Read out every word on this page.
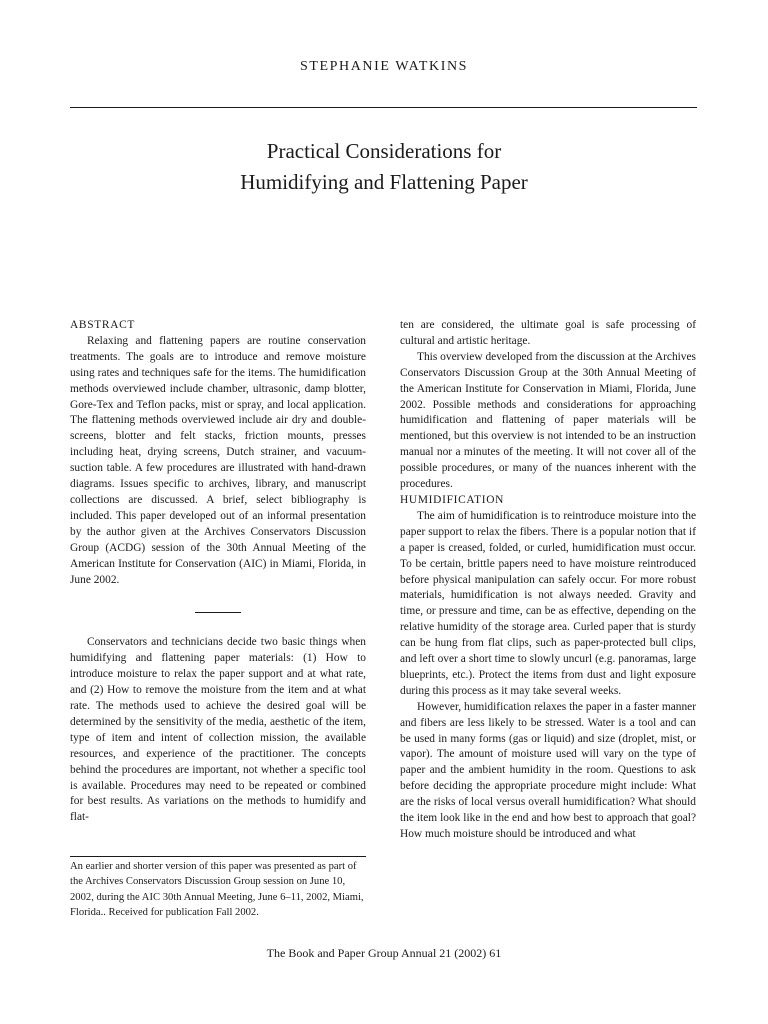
STEPHANIE WATKINS
Practical Considerations for
Humidifying and Flattening Paper

ABSTRACT

Relaxing and flattening papers are routine conservation treatments. The goals are to introduce and remove moisture using rates and techniques safe for the items. The humidification methods overviewed include chamber, ultrasonic, damp blotter, Gore-Tex and Teflon packs, mist or spray, and local application. The flattening methods overviewed include air dry and double-screens, blotter and felt stacks, friction mounts, presses including heat, drying screens, Dutch strainer, and vacuum-suction table. A few procedures are illustrated with hand-drawn diagrams. Issues specific to archives, library, and manuscript collections are discussed. A brief, select bibliography is included. This paper developed out of an informal presentation by the author given at the Archives Conservators Discussion Group (ACDG) session of the 30th Annual Meeting of the American Institute for Conservation (AIC) in Miami, Florida, in June 2002.

Conservators and technicians decide two basic things when humidifying and flattening paper materials: (1) How to introduce moisture to relax the paper support and at what rate, and (2) How to remove the moisture from the item and at what rate. The methods used to achieve the desired goal will be determined by the sensitivity of the media, aesthetic of the item, type of item and intent of collection mission, the available resources, and experience of the practitioner. The concepts behind the procedures are important, not whether a specific tool is available. Procedures may need to be repeated or combined for best results. As variations on the methods to humidify and flat-

An earlier and shorter version of this paper was presented as part of the Archives Conservators Discussion Group session on June 10, 2002, during the AIC 30th Annual Meeting, June 6–11, 2002, Miami, Florida.. Received for publication Fall 2002.

ten are considered, the ultimate goal is safe processing of cultural and artistic heritage.

This overview developed from the discussion at the Archives Conservators Discussion Group at the 30th Annual Meeting of the American Institute for Conservation in Miami, Florida, June 2002. Possible methods and considerations for approaching humidification and flattening of paper materials will be mentioned, but this overview is not intended to be an instruction manual nor a minutes of the meeting. It will not cover all of the possible procedures, or many of the nuances inherent with the procedures.

HUMIDIFICATION

The aim of humidification is to reintroduce moisture into the paper support to relax the fibers. There is a popular notion that if a paper is creased, folded, or curled, humidification must occur. To be certain, brittle papers need to have moisture reintroduced before physical manipulation can safely occur. For more robust materials, humidification is not always needed. Gravity and time, or pressure and time, can be as effective, depending on the relative humidity of the storage area. Curled paper that is sturdy can be hung from flat clips, such as paper-protected bull clips, and left over a short time to slowly uncurl (e.g. panoramas, large blueprints, etc.). Protect the items from dust and light exposure during this process as it may take several weeks.

However, humidification relaxes the paper in a faster manner and fibers are less likely to be stressed. Water is a tool and can be used in many forms (gas or liquid) and size (droplet, mist, or vapor). The amount of moisture used will vary on the type of paper and the ambient humidity in the room. Questions to ask before deciding the appropriate procedure might include: What are the risks of local versus overall humidification? What should the item look like in the end and how best to approach that goal? How much moisture should be introduced and what

The Book and Paper Group Annual 21 (2002) 61
